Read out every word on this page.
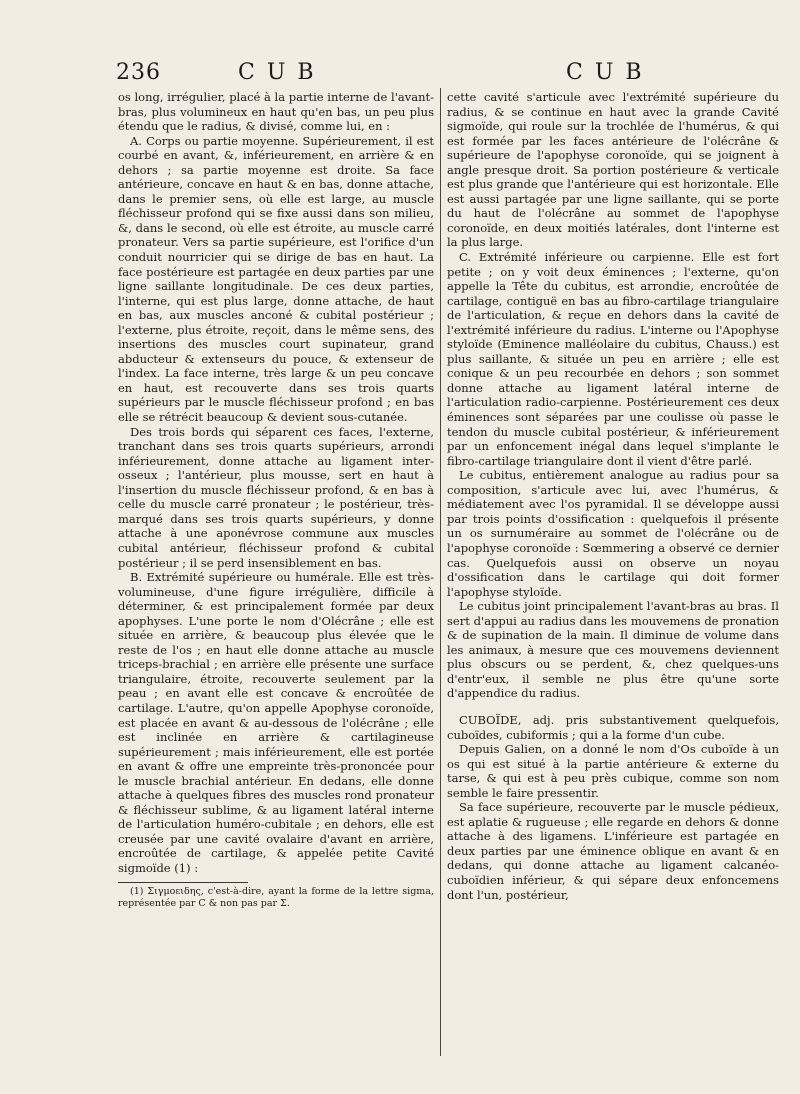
236	CUB	CUB

os long, irrégulier, placé à la partie interne de l'avant-bras, plus volumineux en haut qu'en bas, un peu plus étendu que le radius, & divisé, comme lui, en :

A. Corps ou partie moyenne. Supérieurement, il est courbé en avant, &, inférieurement, en arrière & en dehors ; sa partie moyenne est droite. Sa face antérieure, concave en haut & en bas, donne attache, dans le premier sens, où elle est large, au muscle fléchisseur profond qui se fixe aussi dans son milieu, &, dans le second, où elle est étroite, au muscle carré pronateur. Vers sa partie supérieure, est l'orifice d'un conduit nourricier qui se dirige de bas en haut. La face postérieure est partagée en deux parties par une ligne saillante longitudinale. De ces deux parties, l'interne, qui est plus large, donne attache, de haut en bas, aux muscles anconé & cubital postérieur ; l'externe, plus étroite, reçoit, dans le même sens, des insertions des muscles court supinateur, grand abducteur & extenseurs du pouce, & extenseur de l'index. La face interne, très large & un peu concave en haut, est recouverte dans ses trois quarts supérieurs par le muscle fléchisseur profond ; en bas elle se rétrécit beaucoup & devient sous-cutanée.

Des trois bords qui séparent ces faces, l'externe, tranchant dans ses trois quarts supérieurs, arrondi inférieurement, donne attache au ligament inter-osseux ; l'antérieur, plus mousse, sert en haut à l'insertion du muscle fléchisseur profond, & en bas à celle du muscle carré pronateur ; le postérieur, très-marqué dans ses trois quarts supérieurs, y donne attache à une aponévrose commune aux muscles cubital antérieur, fléchisseur profond & cubital postérieur ; il se perd insensiblement en bas.

B. Extrémité supérieure ou humérale. Elle est très-volumineuse, d'une figure irrégulière, difficile à déterminer, & est principalement formée par deux apophyses. L'une porte le nom d'Olécrâne ; elle est située en arrière, & beaucoup plus élevée que le reste de l'os ; en haut elle donne attache au muscle triceps-brachial ; en arrière elle présente une surface triangulaire, étroite, recouverte seulement par la peau ; en avant elle est concave & encroûtée de cartilage. L'autre, qu'on appelle Apophyse coronoïde, est placée en avant & au-dessous de l'olécrâne ; elle est inclinée en arrière & cartilagineuse supérieurement ; mais inférieurement, elle est portée en avant & offre une empreinte très-prononcée pour le muscle brachial antérieur. En dedans, elle donne attache à quelques fibres des muscles rond pronateur & fléchisseur sublime, & au ligament latéral interne de l'articulation huméro-cubitale ; en dehors, elle est creusée par une cavité ovalaire d'avant en arrière, encroûtée de cartilage, & appelée petite Cavité sigmoïde (1) :

(1) Σιγμοειδης, c'est-à-dire, ayant la forme de la lettre sigma, représentée par C & non pas par Σ.

cette cavité s'articule avec l'extrémité supérieure du radius, & se continue en haut avec la grande Cavité sigmoïde, qui roule sur la trochlée de l'humérus, & qui est formée par les faces antérieure de l'olécrâne & supérieure de l'apophyse coronoïde, qui se joignent à angle presque droit. Sa portion postérieure & verticale est plus grande que l'antérieure qui est horizontale. Elle est aussi partagée par une ligne saillante, qui se porte du haut de l'olécrâne au sommet de l'apophyse coronoïde, en deux moitiés latérales, dont l'interne est la plus large.

C. Extrémité inférieure ou carpienne. Elle est fort petite ; on y voit deux éminences ; l'externe, qu'on appelle la Tête du cubitus, est arrondie, encroûtée de cartilage, contiguë en bas au fibro-cartilage triangulaire de l'articulation, & reçue en dehors dans la cavité de l'extrémité inférieure du radius. L'interne ou l'Apophyse styloïde (Eminence malléolaire du cubitus, Chauss.) est plus saillante, & située un peu en arrière ; elle est conique & un peu recourbée en dehors ; son sommet donne attache au ligament latéral interne de l'articulation radio-carpienne. Postérieurement ces deux éminences sont séparées par une coulisse où passe le tendon du muscle cubital postérieur, & inférieurement par un enfoncement inégal dans lequel s'implante le fibro-cartilage triangulaire dont il vient d'être parlé.

Le cubitus, entièrement analogue au radius pour sa composition, s'articule avec lui, avec l'humérus, & médiatement avec l'os pyramidal. Il se développe aussi par trois points d'ossification : quelquefois il présente un os surnuméraire au sommet de l'olécrâne ou de l'apophyse coronoïde : Sœmmering a observé ce dernier cas. Quelquefois aussi on observe un noyau d'ossification dans le cartilage qui doit former l'apophyse styloïde.

Le cubitus joint principalement l'avant-bras au bras. Il sert d'appui au radius dans les mouvemens de pronation & de supination de la main. Il diminue de volume dans les animaux, à mesure que ces mouvemens deviennent plus obscurs ou se perdent, &, chez quelques-uns d'entr'eux, il semble ne plus être qu'une sorte d'appendice du radius.

CUBOÏDE, adj. pris substantivement quelquefois, cuboïdes, cubiformis ; qui a la forme d'un cube.

Depuis Galien, on a donné le nom d'Os cuboïde à un os qui est situé à la partie antérieure & externe du tarse, & qui est à peu près cubique, comme son nom semble le faire pressentir.

Sa face supérieure, recouverte par le muscle pédieux, est aplatie & rugueuse ; elle regarde en dehors & donne attache à des ligamens. L'inférieure est partagée en deux parties par une éminence oblique en avant & en dedans, qui donne attache au ligament calcanéo-cuboïdien inférieur, & qui sépare deux enfoncemens dont l'un, postérieur,
